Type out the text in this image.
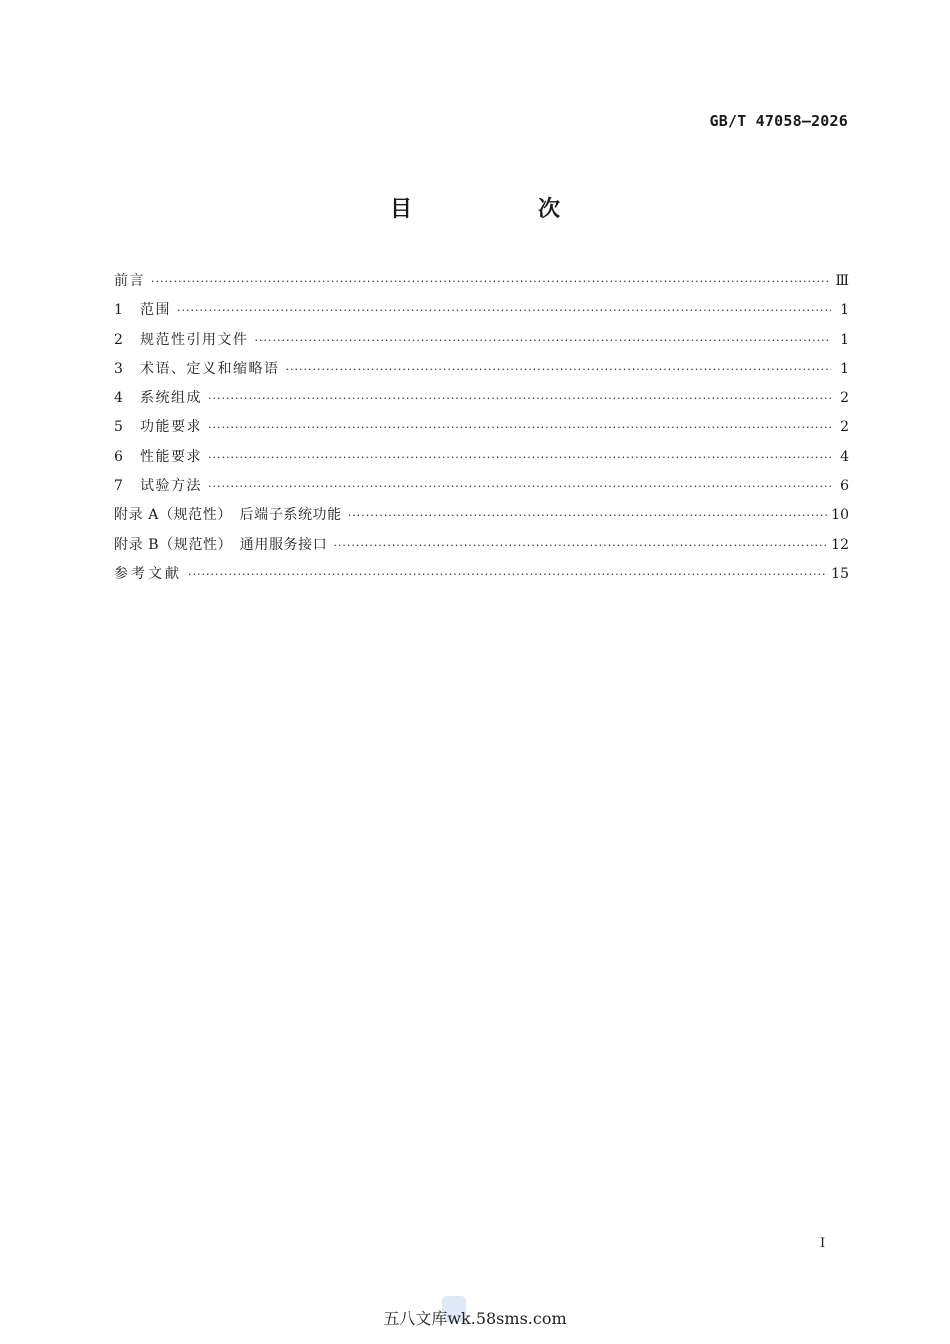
GB/T 47058—2026
目　次
前言 ·····	Ⅲ
1	范围 ·····	1
2	规范性引用文件 ·····	1
3	术语、定义和缩略语 ·····	1
4	系统组成 ·····	2
5	功能要求 ·····	2
6	性能要求 ·····	4
7	试验方法 ·····	6
附录 A（规范性）　后端子系统功能 ·····	10
附录 B（规范性）　通用服务接口 ·····	12
参考文献 ·····	15
Ⅰ
五八文库wk.58sms.com
